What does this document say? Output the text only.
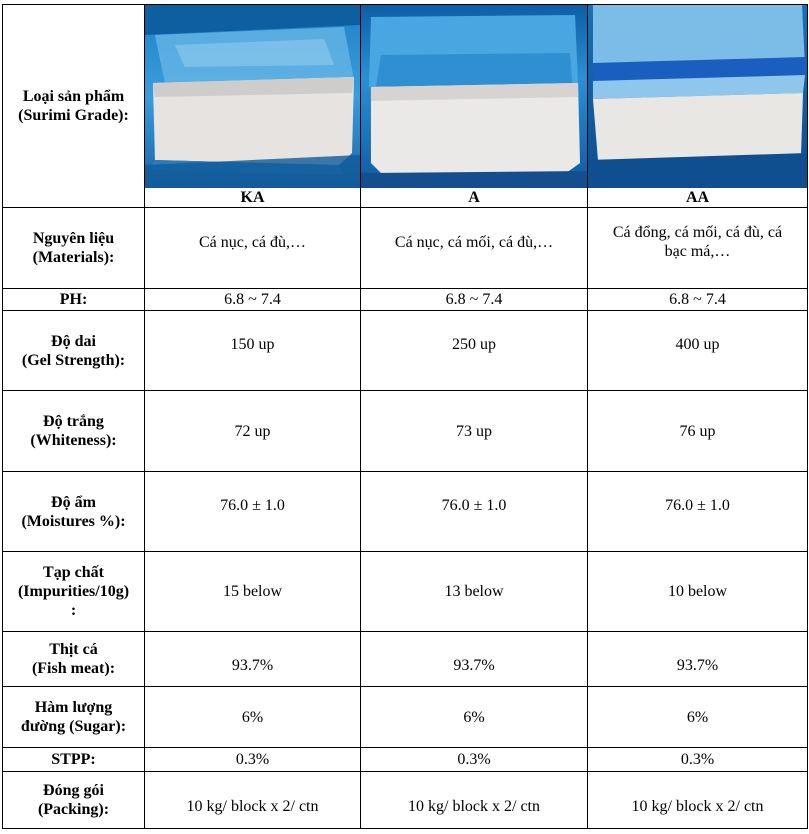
Loại sản phẩm
(Surimi Grade):	KA	A	AA

Nguyên liệu
(Materials):	Cá nục, cá đù,…	Cá nục, cá mối, cá đù,…	Cá đổng, cá mối, cá đù, cá
bạc má,…

PH:	6.8 ~ 7.4	6.8 ~ 7.4	6.8 ~ 7.4

Độ dai
(Gel Strength):	150 up	250 up	400 up

Độ trắng
(Whiteness):	72 up	73 up	76 up

Độ ẩm
(Moistures %):	76.0 ± 1.0	76.0 ± 1.0	76.0 ± 1.0

Tạp chất
(Impurities/10g)
:	15 below	13 below	10 below

Thịt cá
(Fish meat):	93.7%	93.7%	93.7%

Hàm lượng
đường (Sugar):	6%	6%	6%

STPP:	0.3%	0.3%	0.3%

Đóng gói
(Packing):	10 kg/ block x 2/ ctn	10 kg/ block x 2/ ctn	10 kg/ block x 2/ ctn
